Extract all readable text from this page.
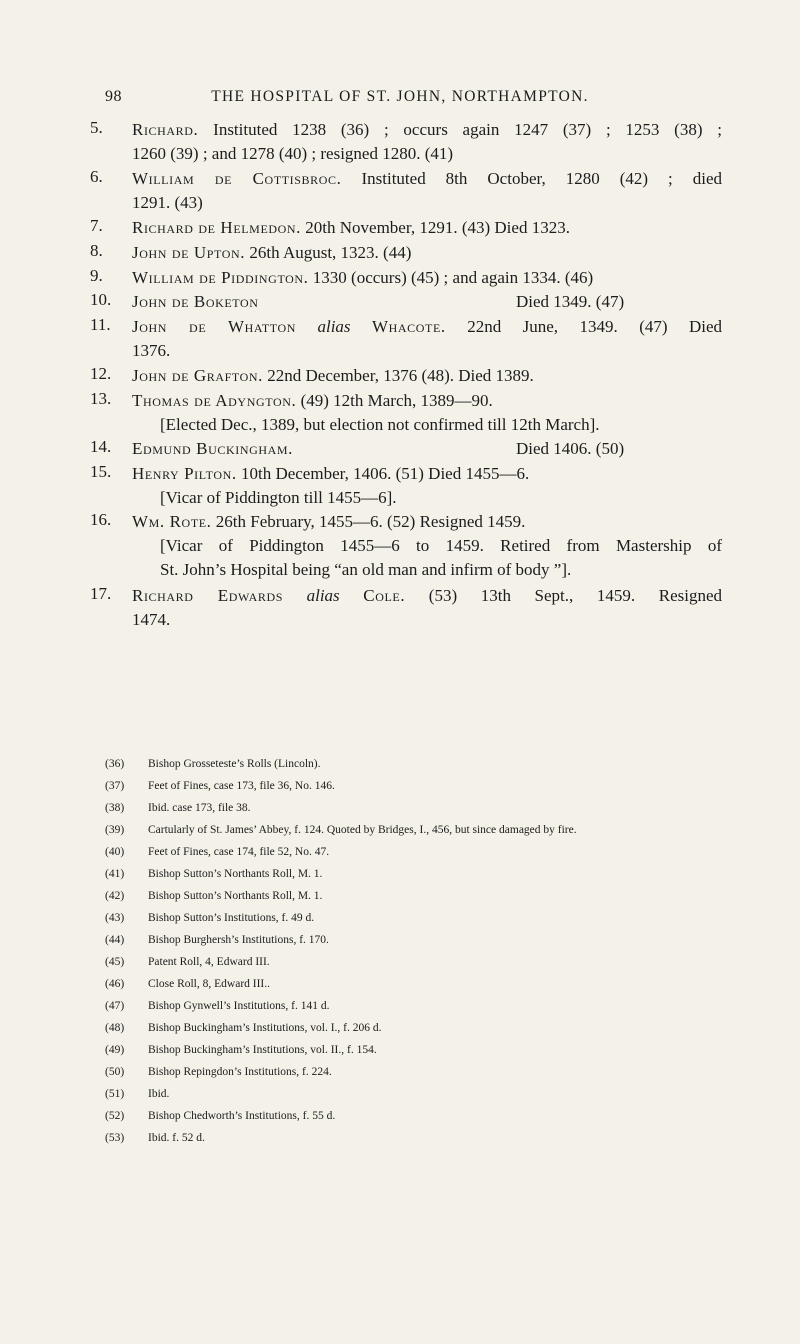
98	THE HOSPITAL OF ST. JOHN, NORTHAMPTON.
5.	Richard. Instituted 1238 (36) ; occurs again 1247 (37) ; 1253 (38) ;
1260 (39) ; and 1278 (40) ; resigned 1280. (41)
6.	William de Cottisbroc. Instituted 8th October, 1280 (42) ; died
1291. (43)
7.	Richard de Helmedon. 20th November, 1291. (43) Died 1323.
8.	John de Upton. 26th August, 1323. (44)
9.	William de Piddington. 1330 (occurs) (45) ; and again 1334. (46)
10.	John de Boketon	Died 1349. (47)
11.	John de Whatton alias Whacote. 22nd June, 1349. (47) Died
1376.
12.	John de Grafton. 22nd December, 1376 (48). Died 1389.
13.	Thomas de Adyngton. (49) 12th March, 1389—90.
[Elected Dec., 1389, but election not confirmed till 12th March].
14.	Edmund Buckingham.	Died 1406. (50)
15.	Henry Pilton. 10th December, 1406. (51) Died 1455—6.
[Vicar of Piddington till 1455—6].
16.	Wm. Rote. 26th February, 1455—6. (52) Resigned 1459.
[Vicar of Piddington 1455—6 to 1459. Retired from Mastership of
St. John’s Hospital being “an old man and infirm of body ”].
17.	Richard Edwards alias Cole. (53) 13th Sept., 1459. Resigned
1474.
(36)	Bishop Grosseteste’s Rolls (Lincoln).
(37)	Feet of Fines, case 173, file 36, No. 146.
(38)	Ibid. case 173, file 38.
(39)	Cartularly of St. James’ Abbey, f. 124. Quoted by Bridges, I., 456, but since damaged by fire.
(40)	Feet of Fines, case 174, file 52, No. 47.
(41)	Bishop Sutton’s Northants Roll, M. 1.
(42)	Bishop Sutton’s Northants Roll, M. 1.
(43)	Bishop Sutton’s Institutions, f. 49 d.
(44)	Bishop Burghersh’s Institutions, f. 170.
(45)	Patent Roll, 4, Edward III.
(46)	Close Roll, 8, Edward III..
(47)	Bishop Gynwell’s Institutions, f. 141 d.
(48)	Bishop Buckingham’s Institutions, vol. I., f. 206 d.
(49)	Bishop Buckingham’s Institutions, vol. II., f. 154.
(50)	Bishop Repingdon’s Institutions, f. 224.
(51)	Ibid.
(52)	Bishop Chedworth’s Institutions, f. 55 d.
(53)	Ibid. f. 52 d.
